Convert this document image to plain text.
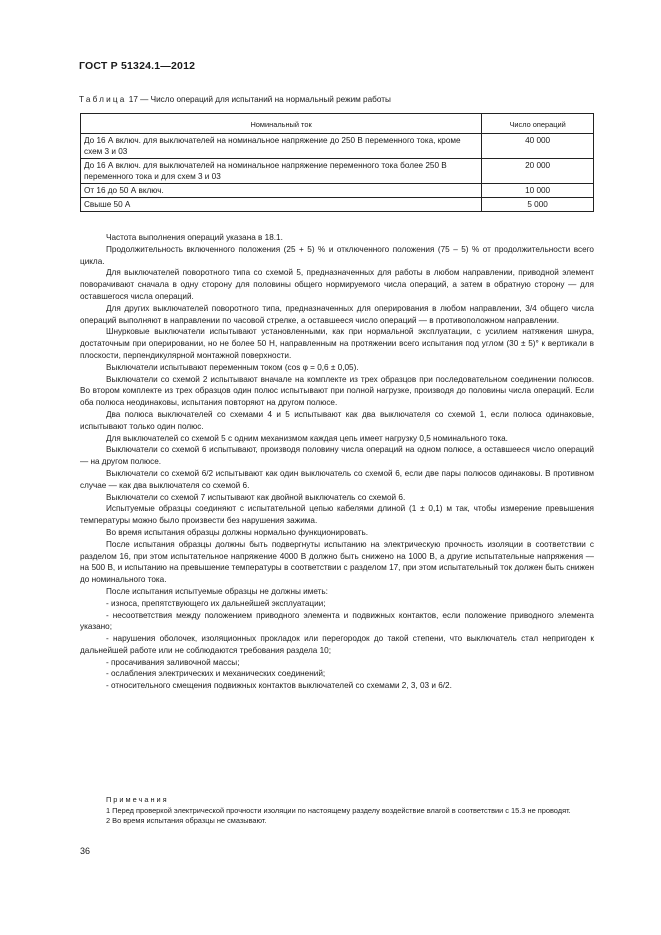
ГОСТ Р 51324.1—2012
Таблица 17 — Число операций для испытаний на нормальный режим работы
Номинальный ток	Число операций
До 16 А включ. для выключателей на номинальное напряжение до 250 В переменного тока, кроме схем 3 и 03	40 000
До 16 А включ. для выключателей на номинальное напряжение переменного тока более 250 В переменного тока и для схем 3 и 03	20 000
От 16 до 50 А включ.	10 000
Свыше 50 А	5 000

Частота выполнения операций указана в 18.1.

Продолжительность включенного положения (25 + 5) % и отключенного положения (75 – 5) % от продолжительности всего цикла.

Для выключателей поворотного типа со схемой 5, предназначенных для работы в любом направлении, приводной элемент поворачивают сначала в одну сторону для половины общего нормируемого числа операций, а затем в обратную сторону — для оставшегося числа операций.

Для других выключателей поворотного типа, предназначенных для оперирования в любом направлении, 3/4 общего числа операций выполняют в направлении по часовой стрелке, а оставшееся число операций — в противоположном направлении.

Шнурковые выключатели испытывают установленными, как при нормальной эксплуатации, с усилием натяжения шнура, достаточным при оперировании, но не более 50 Н, направленным на протяжении всего испытания под углом (30 ± 5)° к вертикали в плоскости, перпендикулярной монтажной поверхности.

Выключатели испытывают переменным током (cos φ = 0,6 ± 0,05).

Выключатели со схемой 2 испытывают вначале на комплекте из трех образцов при последовательном соединении полюсов. Во втором комплекте из трех образцов один полюс испытывают при полной нагрузке, производя до половины числа операций. Если оба полюса неодинаковы, испытания повторяют на другом полюсе.

Два полюса выключателей со схемами 4 и 5 испытывают как два выключателя со схемой 1, если полюса одинаковые, испытывают только один полюс.

Для выключателей со схемой 5 с одним механизмом каждая цепь имеет нагрузку 0,5 номинального тока.

Выключатели со схемой 6 испытывают, производя половину числа операций на одном полюсе, а оставшееся число операций — на другом полюсе.

Выключатели со схемой 6/2 испытывают как один выключатель со схемой 6, если две пары полюсов одинаковы. В противном случае — как два выключателя со схемой 6.

Выключатели со схемой 7 испытывают как двойной выключатель со схемой 6.

Испытуемые образцы соединяют с испытательной цепью кабелями длиной (1 ± 0,1) м так, чтобы измерение превышения температуры можно было произвести без нарушения зажима.

Во время испытания образцы должны нормально функционировать.

После испытания образцы должны быть подвергнуты испытанию на электрическую прочность изоляции в соответствии с разделом 16, при этом испытательное напряжение 4000 В должно быть снижено на 1000 В, а другие испытательные напряжения — на 500 В, и испытанию на превышение температуры в соответствии с разделом 17, при этом испытательный ток должен быть снижен до номинального тока.

После испытания испытуемые образцы не должны иметь:

- износа, препятствующего их дальнейшей эксплуатации;

- несоответствия между положением приводного элемента и подвижных контактов, если положение приводного элемента указано;

- нарушения оболочек, изоляционных прокладок или перегородок до такой степени, что выключатель стал непригоден к дальнейшей работе или не соблюдаются требования раздела 10;

- просачивания заливочной массы;

- ослабления электрических и механических соединений;

- относительного смещения подвижных контактов выключателей со схемами 2, 3, 03 и 6/2.

Примечания

1 Перед проверкой электрической прочности изоляции по настоящему разделу воздействие влагой в соответствии с 15.3 не проводят.

2 Во время испытания образцы не смазывают.

36
